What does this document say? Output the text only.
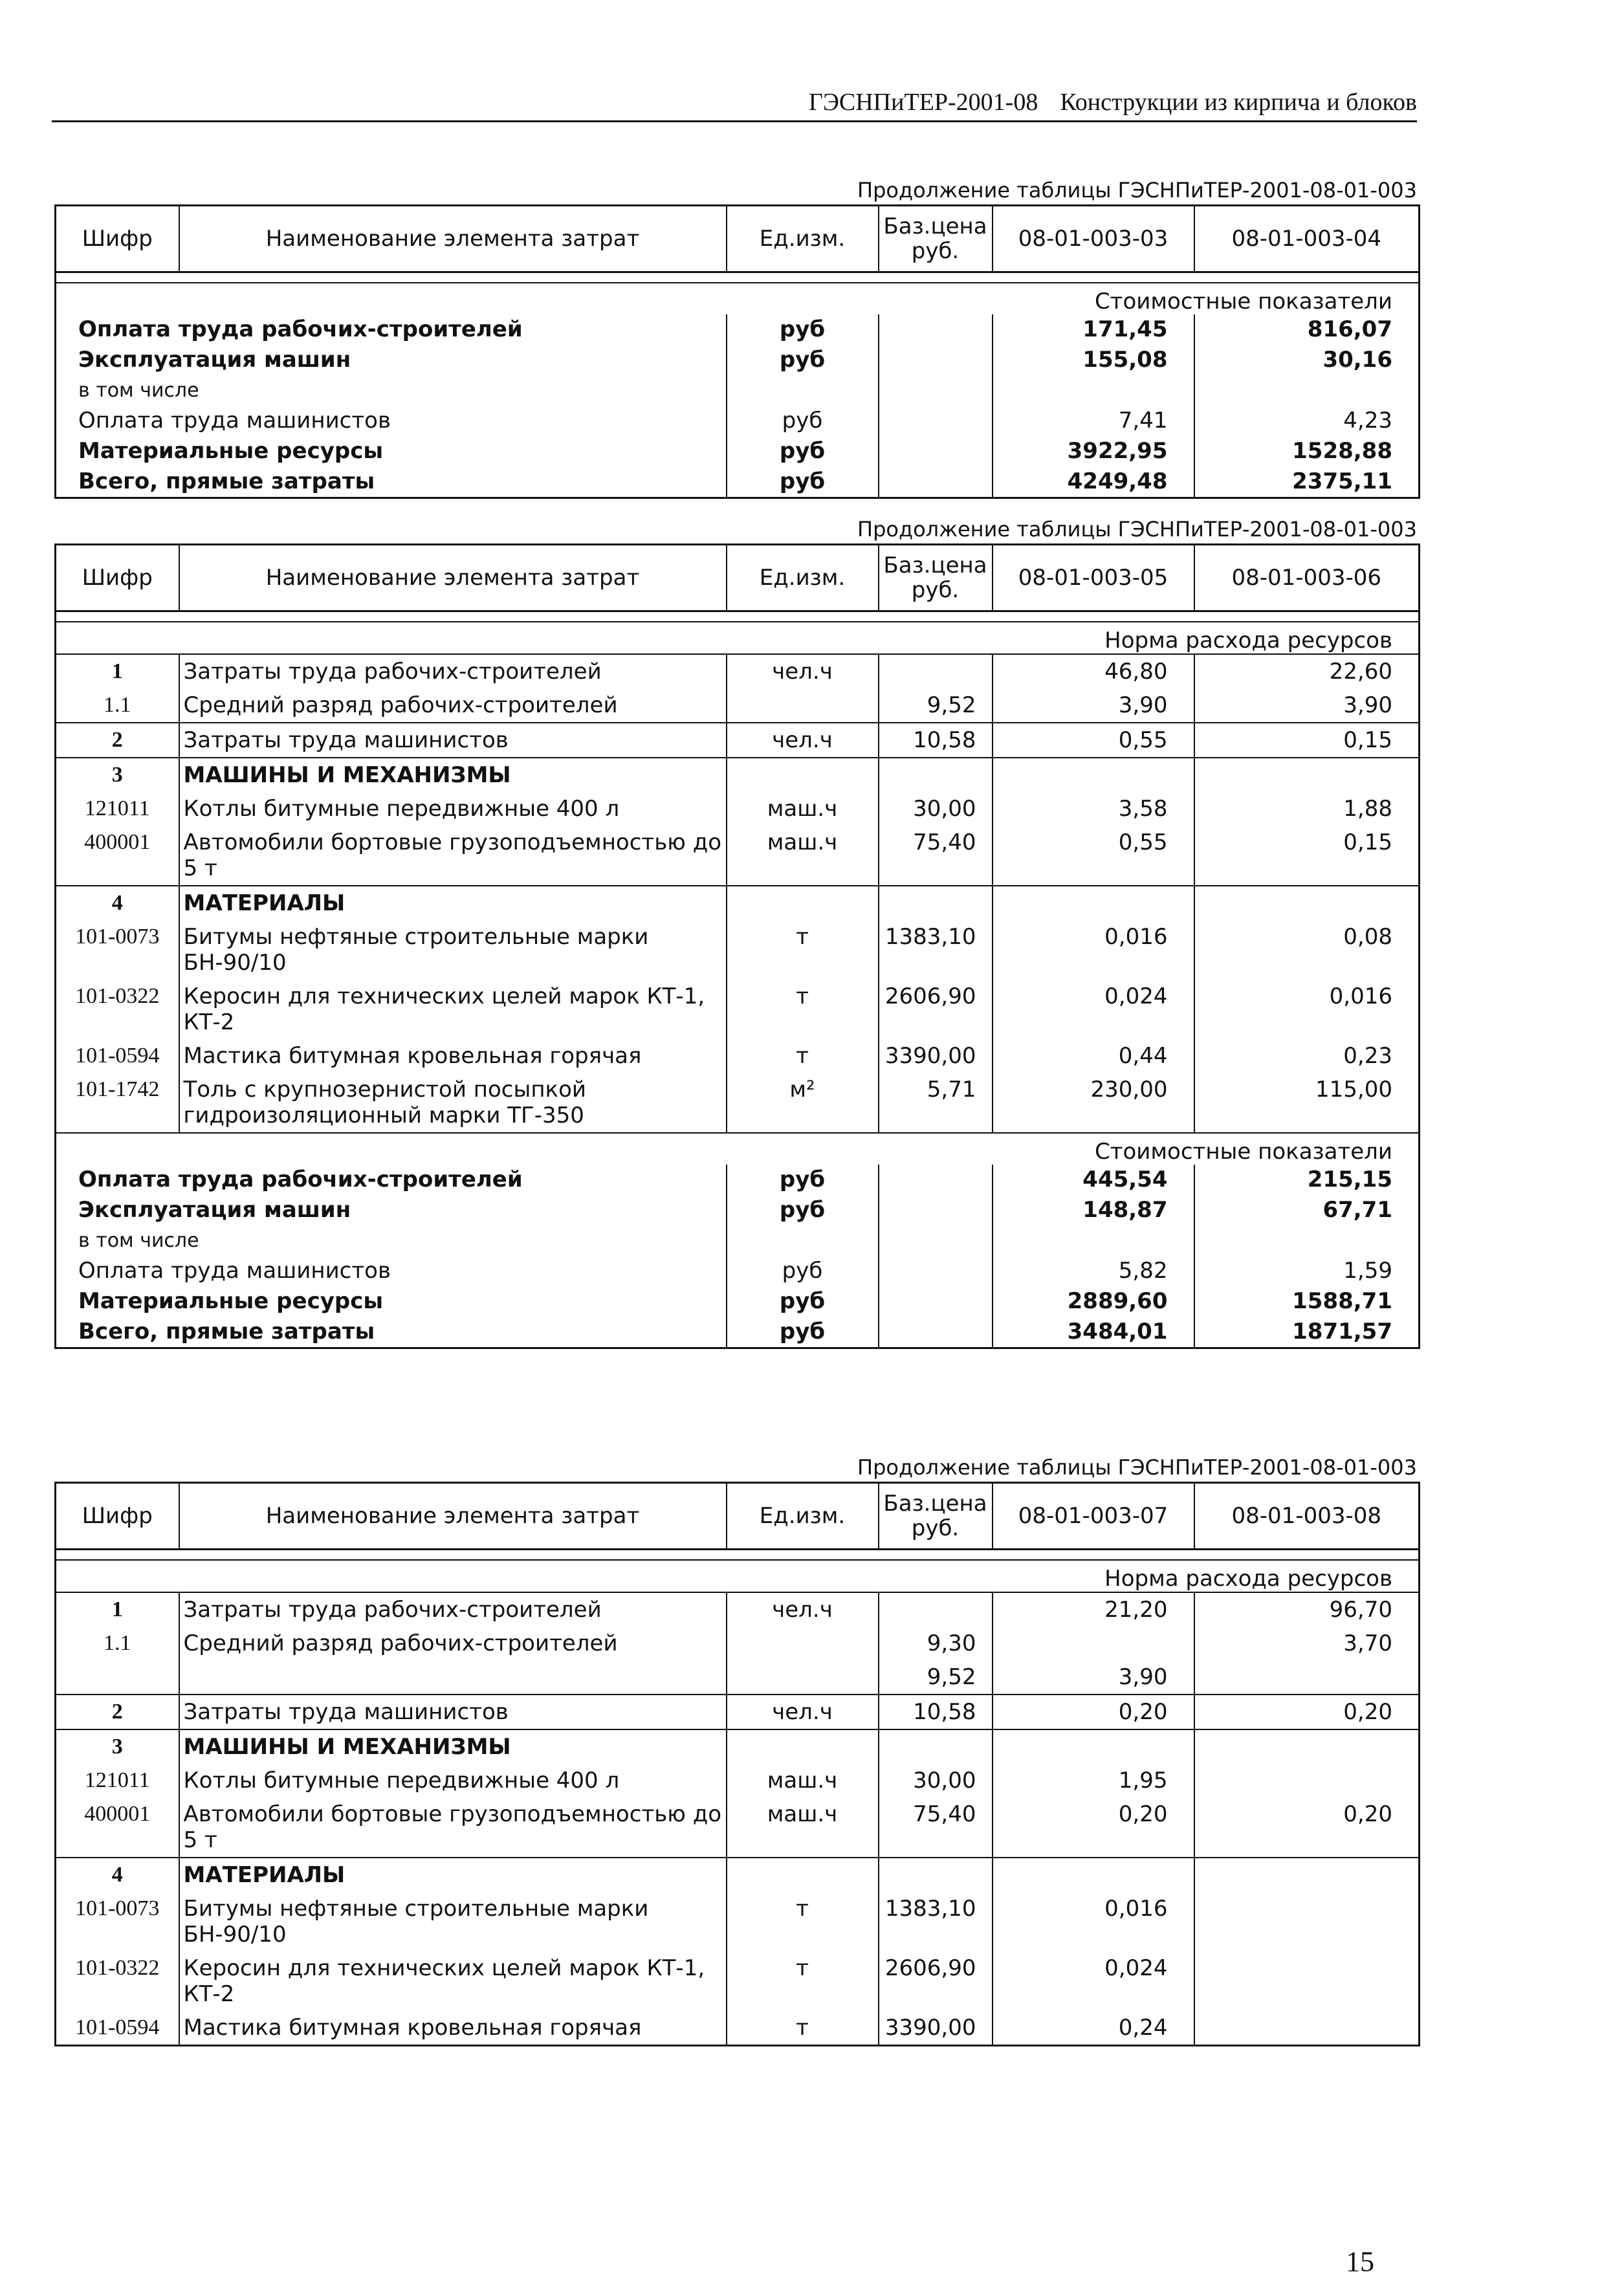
ГЭСНПиТЕР-2001-08 Конструкции из кирпича и блоков
Продолжение таблицы ГЭСНПиТЕР-2001-08-01-003
Шифр	Наименование элемента затрат	Ед.изм.	Баз.цена руб.	08-01-003-03	08-01-003-04

Стоимостные показатели					
Оплата труда рабочих-строителей		руб		171,45	816,07
Эксплуатация машин		руб		155,08	30,16
в том числе					
Оплата труда машинистов		руб		7,41	4,23
Материальные ресурсы		руб		3922,95	1528,88
Всего, прямые затраты		руб		4249,48	2375,11
Продолжение таблицы ГЭСНПиТЕР-2001-08-01-003
Шифр	Наименование элемента затрат	Ед.изм.	Баз.цена руб.	08-01-003-05	08-01-003-06

Норма расхода ресурсов					
1	Затраты труда рабочих-строителей	чел.ч		46,80	22,60
1.1	Средний разряд рабочих-строителей		9,52	3,90	3,90
2	Затраты труда машинистов	чел.ч	10,58	0,55	0,15
3	МАШИНЫ И МЕХАНИЗМЫ				
121011	Котлы битумные передвижные 400 л	маш.ч	30,00	3,58	1,88
400001	Автомобили бортовые грузоподъемностью до 5 т	маш.ч	75,40	0,55	0,15
4	МАТЕРИАЛЫ				
101-0073	Битумы нефтяные строительные марки БН-90/10	т	1383,10	0,016	0,08
101-0322	Керосин для технических целей марок КТ-1, КТ-2	т	2606,90	0,024	0,016
101-0594	Мастика битумная кровельная горячая	т	3390,00	0,44	0,23
101-1742	Толь с крупнозернистой посыпкой гидроизоляционный марки ТГ-350	м²	5,71	230,00	115,00
Стоимостные показатели					
Оплата труда рабочих-строителей		руб		445,54	215,15
Эксплуатация машин		руб		148,87	67,71
в том числе					
Оплата труда машинистов		руб		5,82	1,59
Материальные ресурсы		руб		2889,60	1588,71
Всего, прямые затраты		руб		3484,01	1871,57
Продолжение таблицы ГЭСНПиТЕР-2001-08-01-003
Шифр	Наименование элемента затрат	Ед.изм.	Баз.цена руб.	08-01-003-07	08-01-003-08

Норма расхода ресурсов					
1	Затраты труда рабочих-строителей	чел.ч		21,20	96,70
1.1	Средний разряд рабочих-строителей		9,30		3,70
			9,52	3,90	
2	Затраты труда машинистов	чел.ч	10,58	0,20	0,20
3	МАШИНЫ И МЕХАНИЗМЫ				
121011	Котлы битумные передвижные 400 л	маш.ч	30,00	1,95	
400001	Автомобили бортовые грузоподъемностью до 5 т	маш.ч	75,40	0,20	0,20
4	МАТЕРИАЛЫ				
101-0073	Битумы нефтяные строительные марки БН-90/10	т	1383,10	0,016	
101-0322	Керосин для технических целей марок КТ-1, КТ-2	т	2606,90	0,024	
101-0594	Мастика битумная кровельная горячая	т	3390,00	0,24	
15
